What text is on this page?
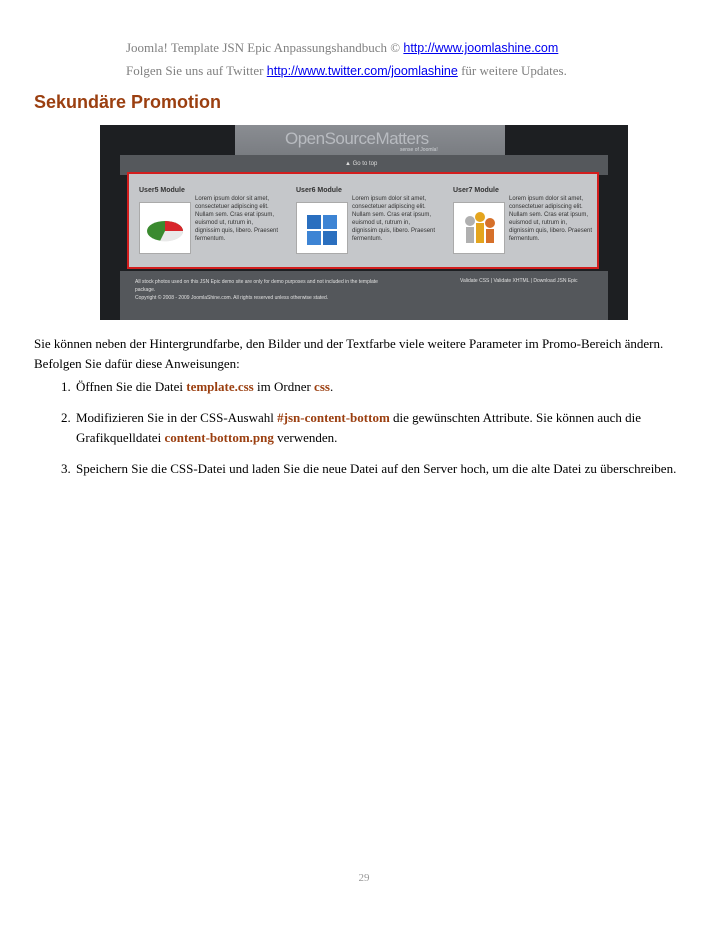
Joomla! Template JSN Epic Anpassungshandbuch © http://www.joomlashine.com
Folgen Sie uns auf Twitter http://www.twitter.com/joomlashine für weitere Updates.
Sekundäre Promotion
OpenSourceMatters
sense of Joomla!
▲ Go to top
User5 Module
Lorem ipsum dolor sit amet, consectetuer adipiscing elit. Nullam sem. Cras erat ipsum, euismod ut, rutrum in, dignissim quis, libero. Praesent fermentum.
User6 Module
Lorem ipsum dolor sit amet, consectetuer adipiscing elit. Nullam sem. Cras erat ipsum, euismod ut, rutrum in, dignissim quis, libero. Praesent fermentum.
User7 Module
Lorem ipsum dolor sit amet, consectetuer adipiscing elit. Nullam sem. Cras erat ipsum, euismod ut, rutrum in, dignissim quis, libero. Praesent fermentum.
All stock photos used on this JSN Epic demo site are only for demo purposes and not included in the template package.
Copyright © 2008 - 2009 JoomlaShine.com. All rights reserved unless otherwise stated.
Validate CSS | Validate XHTML | Download JSN Epic
Sie können neben der Hintergrundfarbe, den Bilder und der Textfarbe viele weitere Parameter im Promo-Bereich ändern. Befolgen Sie dafür diese Anweisungen:
1. Öffnen Sie die Datei template.css im Ordner css.
2. Modifizieren Sie in der CSS-Auswahl #jsn-content-bottom die gewünschten Attribute. Sie können auch die Grafikquelldatei content-bottom.png verwenden.
3. Speichern Sie die CSS-Datei und laden Sie die neue Datei auf den Server hoch, um die alte Datei zu überschreiben.
29
